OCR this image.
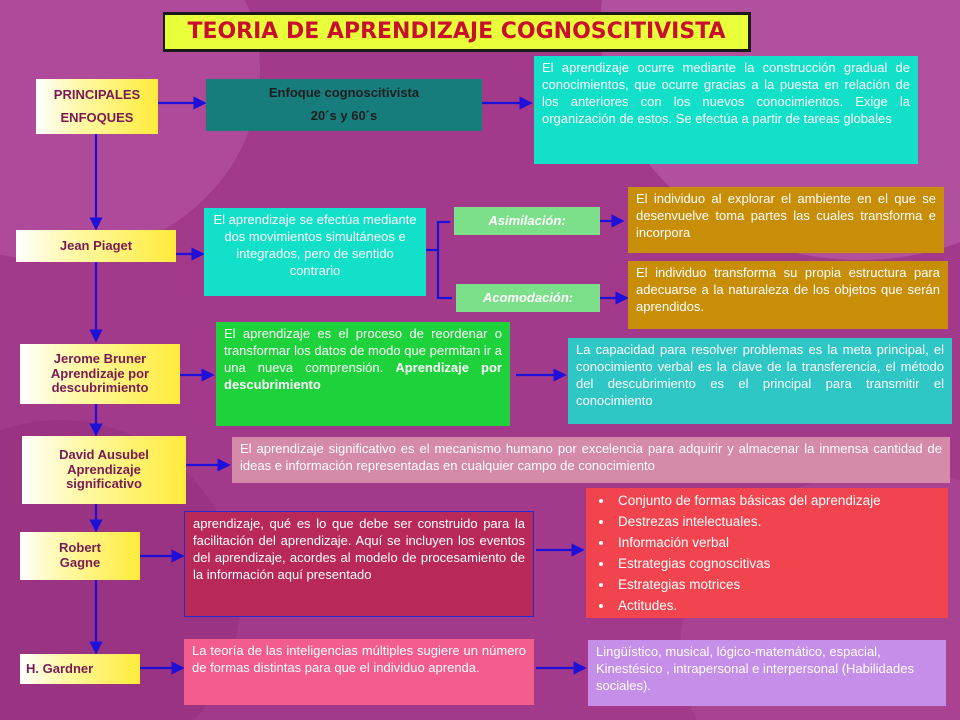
TEORIA DE APRENDIZAJE COGNOSCITIVISTA
PRINCIPALES
ENFOQUES
Enfoque cognoscitivista
20´s y 60´s
El aprendizaje ocurre mediante la construcción gradual de conocimientos, que ocurre gracias a la puesta en relación de los anteriores con los nuevos conocimientos. Exige la organización de estos. Se efectúa a partir de tareas globales
Jean Piaget
El aprendizaje se efectúa mediante dos movimientos simultáneos e integrados, pero de sentido contrario
Asimilación:
Acomodación:
El individuo al explorar el ambiente en el que se desenvuelve toma partes las cuales transforma e incorpora
El individuo transforma su propia estructura para adecuarse a la naturaleza de los objetos que serán aprendidos.
Jerome Bruner
Aprendizaje por descubrimiento
El aprendizaje es el proceso de reordenar o transformar los datos de modo que permitan ir a una nueva comprensión. Aprendizaje por descubrimiento
La capacidad para resolver problemas es la meta principal, el conocimiento verbal es la clave de la transferencia, el método del descubrimiento es el principal para transmitir el conocimiento
David Ausubel
Aprendizaje
significativo
El aprendizaje significativo es el mecanismo humano por excelencia para adquirir y almacenar la inmensa cantidad de ideas e información representadas en cualquier campo de conocimiento
Robert
Gagne
aprendizaje, qué es lo que debe ser construido para la facilitación del aprendizaje. Aquí se incluyen los eventos del aprendizaje, acordes al modelo de procesamiento de la información aquí presentado
• Conjunto de formas básicas del aprendizaje
• Destrezas intelectuales.
• Información verbal
• Estrategias cognoscitivas
• Estrategias motrices
• Actitudes.
H. Gardner
La teoría de las inteligencias múltiples sugiere un número de formas distintas para que el individuo aprenda.
Lingüístico, musical, lógico-matemático, espacial, Kinestésico , intrapersonal e interpersonal (Habilidades sociales).
